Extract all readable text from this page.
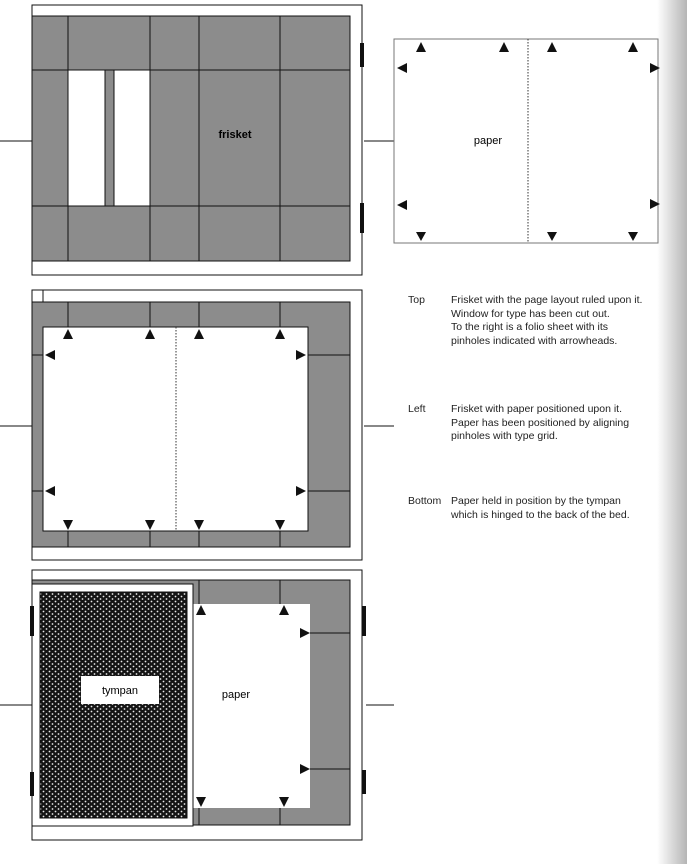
frisket	paper
paper
tympan
Top Frisket with the page layout ruled upon it.
Window for type has been cut out.
To the right is a folio sheet with its
pinholes indicated with arrowheads.
Left Frisket with paper positioned upon it.
Paper has been positioned by aligning
pinholes with type grid.
Bottom Paper held in position by the tympan
which is hinged to the back of the bed.
